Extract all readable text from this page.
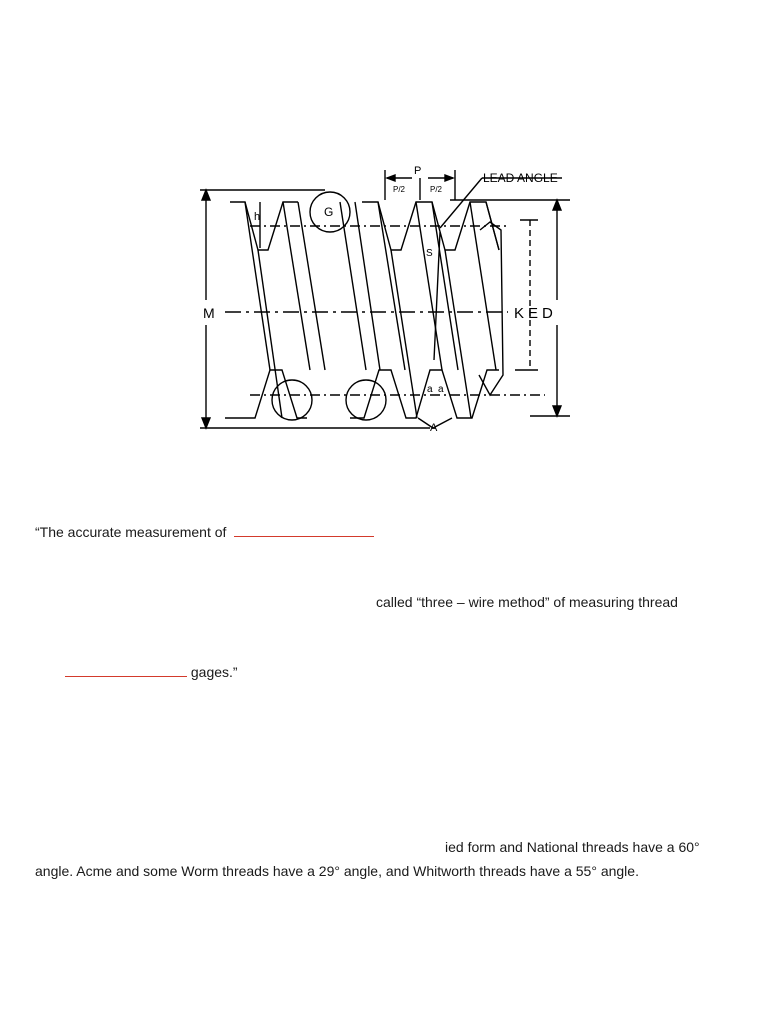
M	KED
LEAD ANGLE
P
P/2	P/2
h	G
S
a a
A
“The accurate measurement of
called “three – wire method” of measuring thread
gages.”
ied form and National threads have a 60°
angle. Acme and some Worm threads have a 29° angle, and Whitworth threads have a 55° angle.
